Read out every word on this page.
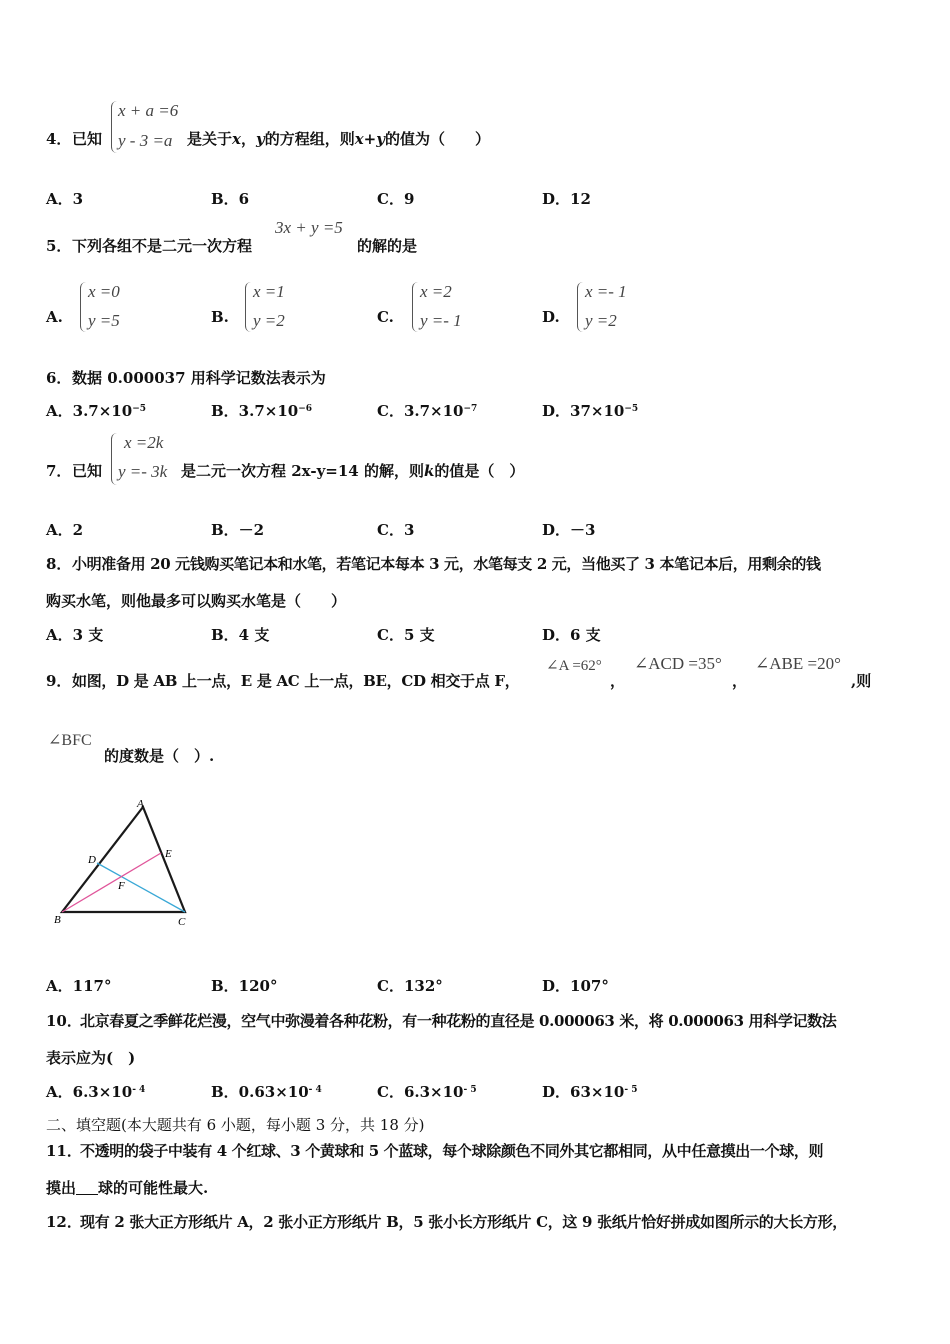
4． 已知
x + a =6
y - 3 =a 是关于x，y的方程组，则x+y的值为（　　）
A．3	B．6	C．9	D．12
5． 下列各组不是二元一次方程
3x + y =5
的解的是
A.
x =0
y =5	B.
x =1
y =2	C.
x =2
y =- 1	D.
x =- 1
y =2
6． 数据 0.000037 用科学记数法表示为
A．$3.7\times 10^{-5}$	B．$3.7\times 10^{-6}$	C．$3.7\times 10^{-7}$	D．$37\times 10^{-5}$
7． 已知
x =2k
y =- 3k 是二元一次方程 2x-y=14 的解，则k的值是（　）
A．2	B．－2	C．3	D．－3
8． 小明准备用 20 元钱购买笔记本和水笔，若笔记本每本 3 元，水笔每支 2 元，当他买了 3 本笔记本后，用剩余的钱
购买水笔，则他最多可以购买水笔是（　　）
A．3 支	B．4 支	C．5 支	D．6 支
9． 如图，D 是 AB 上一点，E 是 AC 上一点，BE，CD 相交于点 F，
∠A =62°
，
∠ACD =35°
，
∠ABE =20°
,则
∠BFC
的度数是（　）.
A
B	C
D	E
F
A．117°	B．120°	C．132°	D．107°
10．
北京春夏之季鲜花烂漫，空气中弥漫着各种花粉，有一种花粉的直径是 0.000063 米，将 0.000063 用科学记数法
表示应为(　)
A．$6.3\times 10^{- 4}$	B．$0.63\times 10^{- 4}$	C．$6.3\times 10^{- 5}$	D．$63\times 10^{- 5}$
二、填空题(本大题共有 6 小题，每小题 3 分，共 18 分)
11．
不透明的袋子中装有 4 个红球、3 个黄球和 5 个蓝球，每个球除颜色不同外其它都相同，从中任意摸出一个球，则
摸出 球的可能性最大.
12．
现有 2 张大正方形纸片 A，2 张小正方形纸片 B，5 张小长方形纸片 C，这 9 张纸片恰好拼成如图所示的大长方形，
